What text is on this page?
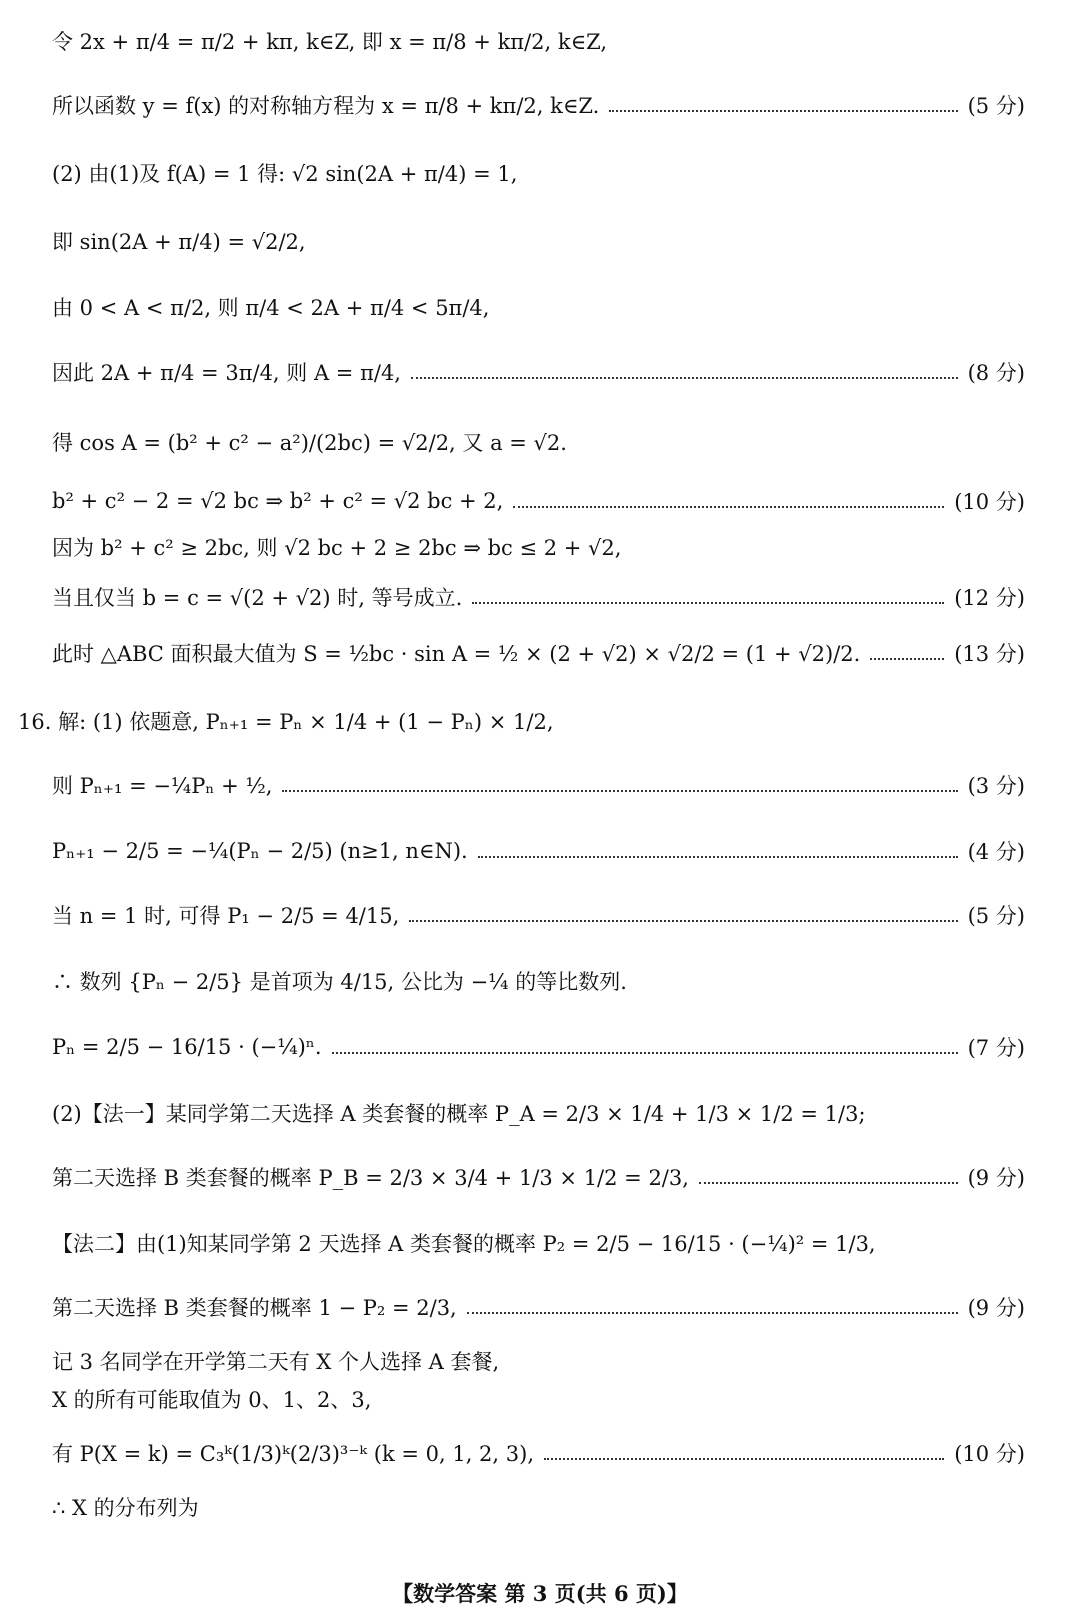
令 2x + π/4 = π/2 + kπ, k∈Z, 即 x = π/8 + kπ/2, k∈Z,
所以函数 y = f(x) 的对称轴方程为 x = π/8 + kπ/2, k∈Z.	(5 分)
(2) 由(1)及 f(A) = 1 得: √2 sin(2A + π/4) = 1,
即 sin(2A + π/4) = √2/2,
由 0 < A < π/2, 则 π/4 < 2A + π/4 < 5π/4,
因此 2A + π/4 = 3π/4, 则 A = π/4,	(8 分)
得 cos A = (b² + c² − a²)/(2bc) = √2/2, 又 a = √2.
b² + c² − 2 = √2 bc ⇒ b² + c² = √2 bc + 2,	(10 分)
因为 b² + c² ≥ 2bc, 则 √2 bc + 2 ≥ 2bc ⇒ bc ≤ 2 + √2,
当且仅当 b = c = √(2 + √2) 时, 等号成立.	(12 分)
此时 △ABC 面积最大值为 S = ½bc · sin A = ½ × (2 + √2) × √2/2 = (1 + √2)/2.	(13 分)
16. 解: (1) 依题意, Pₙ₊₁ = Pₙ × 1/4 + (1 − Pₙ) × 1/2,
则 Pₙ₊₁ = −¼Pₙ + ½,	(3 分)
Pₙ₊₁ − 2/5 = −¼(Pₙ − 2/5) (n≥1, n∈N).	(4 分)
当 n = 1 时, 可得 P₁ − 2/5 = 4/15,	(5 分)
∴ 数列 {Pₙ − 2/5} 是首项为 4/15, 公比为 −¼ 的等比数列.
Pₙ = 2/5 − 16/15 · (−¼)ⁿ.	(7 分)
(2)【法一】某同学第二天选择 A 类套餐的概率 P_A = 2/3 × 1/4 + 1/3 × 1/2 = 1/3;
第二天选择 B 类套餐的概率 P_B = 2/3 × 3/4 + 1/3 × 1/2 = 2/3,	(9 分)
【法二】由(1)知某同学第 2 天选择 A 类套餐的概率 P₂ = 2/5 − 16/15 · (−¼)² = 1/3,
第二天选择 B 类套餐的概率 1 − P₂ = 2/3,	(9 分)
记 3 名同学在开学第二天有 X 个人选择 A 套餐,
X 的所有可能取值为 0、1、2、3,
有 P(X = k) = C₃ᵏ(1/3)ᵏ(2/3)³⁻ᵏ (k = 0, 1, 2, 3),	(10 分)
∴ X 的分布列为
【数学答案 第 3 页(共 6 页)】
